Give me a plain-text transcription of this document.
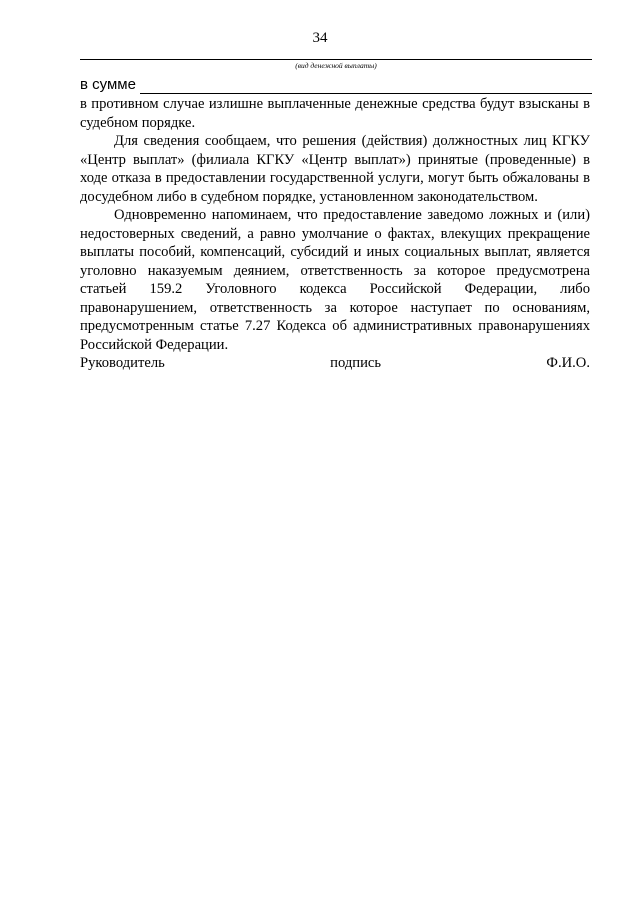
34
(вид денежной выплаты)
в сумме

в противном случае излишне выплаченные денежные средства будут взысканы в судебном порядке.

Для сведения сообщаем, что решения (действия) должностных лиц КГКУ «Центр выплат» (филиала КГКУ «Центр выплат») принятые (проведенные) в ходе отказа в предоставлении государственной услуги, могут быть обжалованы в досудебном либо в судебном порядке, установленном законодательством.

Одновременно напоминаем, что предоставление заведомо ложных и (или) недостоверных сведений, а равно умолчание о фактах, влекущих прекращение выплаты пособий, компенсаций, субсидий и иных социальных выплат, является уголовно наказуемым деянием, ответственность за которое предусмотрена статьей 159.2 Уголовного кодекса Российской Федерации, либо правонарушением, ответственность за которое наступает по основаниям, предусмотренным статье 7.27 Кодекса об административных правонарушениях Российской Федерации.

Руководитель	подпись	Ф.И.О.
